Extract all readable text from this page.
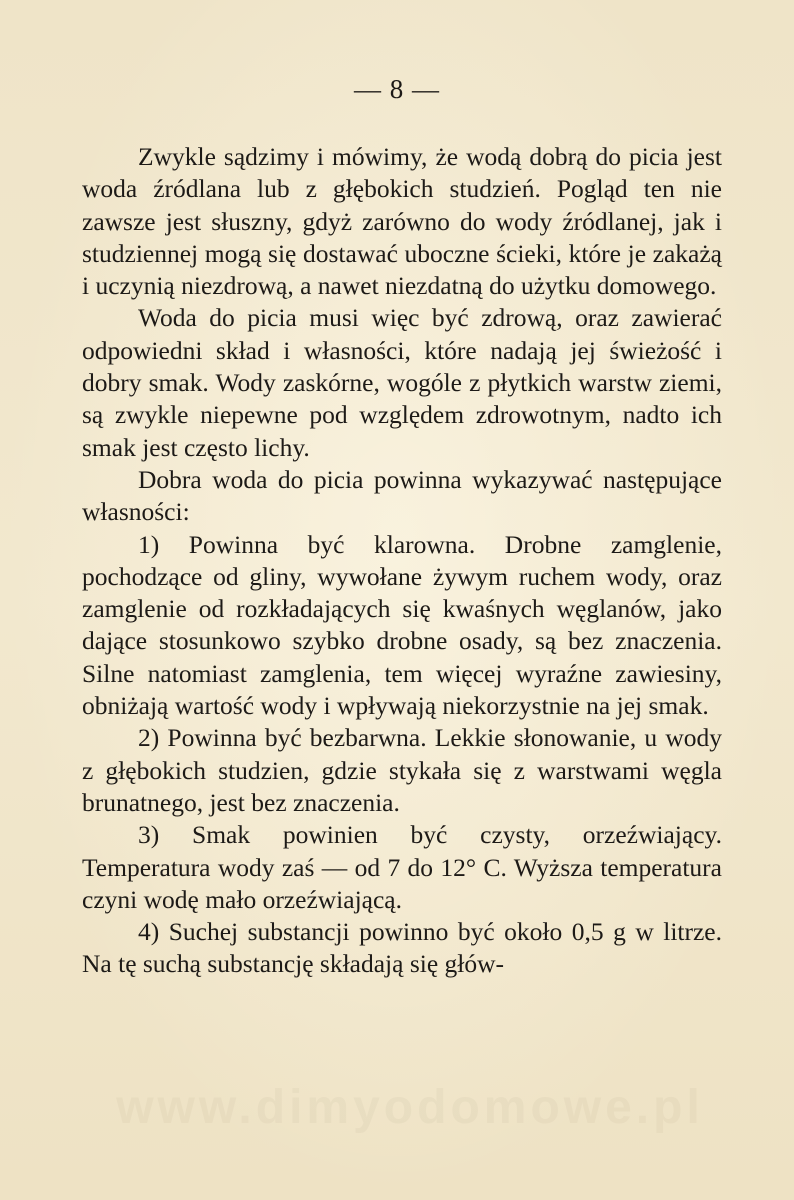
— 8 —

Zwykle sądzimy i mówimy, że wodą dobrą do picia jest woda źródlana lub z głębokich studzień. Pogląd ten nie zawsze jest słuszny, gdyż zarówno do wody źródlanej, jak i studziennej mogą się dostawać uboczne ścieki, które je zakażą i uczynią niezdrową, a nawet niezdatną do użytku domowego.

Woda do picia musi więc być zdrową, oraz zawierać odpowiedni skład i własności, które nadają jej świeżość i dobry smak. Wody zaskórne, wogóle z płytkich warstw ziemi, są zwykle niepewne pod względem zdrowotnym, nadto ich smak jest często lichy.

Dobra woda do picia powinna wykazywać następujące własności:

1) Powinna być klarowna. Drobne zamglenie, pochodzące od gliny, wywołane żywym ruchem wody, oraz zamglenie od rozkładających się kwaśnych węglanów, jako dające stosunkowo szybko drobne osady, są bez znaczenia. Silne natomiast zamglenia, tem więcej wyraźne zawiesiny, obniżają wartość wody i wpływają niekorzystnie na jej smak.

2) Powinna być bezbarwna. Lekkie słonowanie, u wody z głębokich studzien, gdzie stykała się z warstwami węgla brunatnego, jest bez znaczenia.

3) Smak powinien być czysty, orzeźwiający. Temperatura wody zaś — od 7 do 12° C. Wyższa temperatura czyni wodę mało orzeźwiającą.

4) Suchej substancji powinno być około 0,5 g w litrze. Na tę suchą substancję składają się głów-

www.dimyodomowe.pl
